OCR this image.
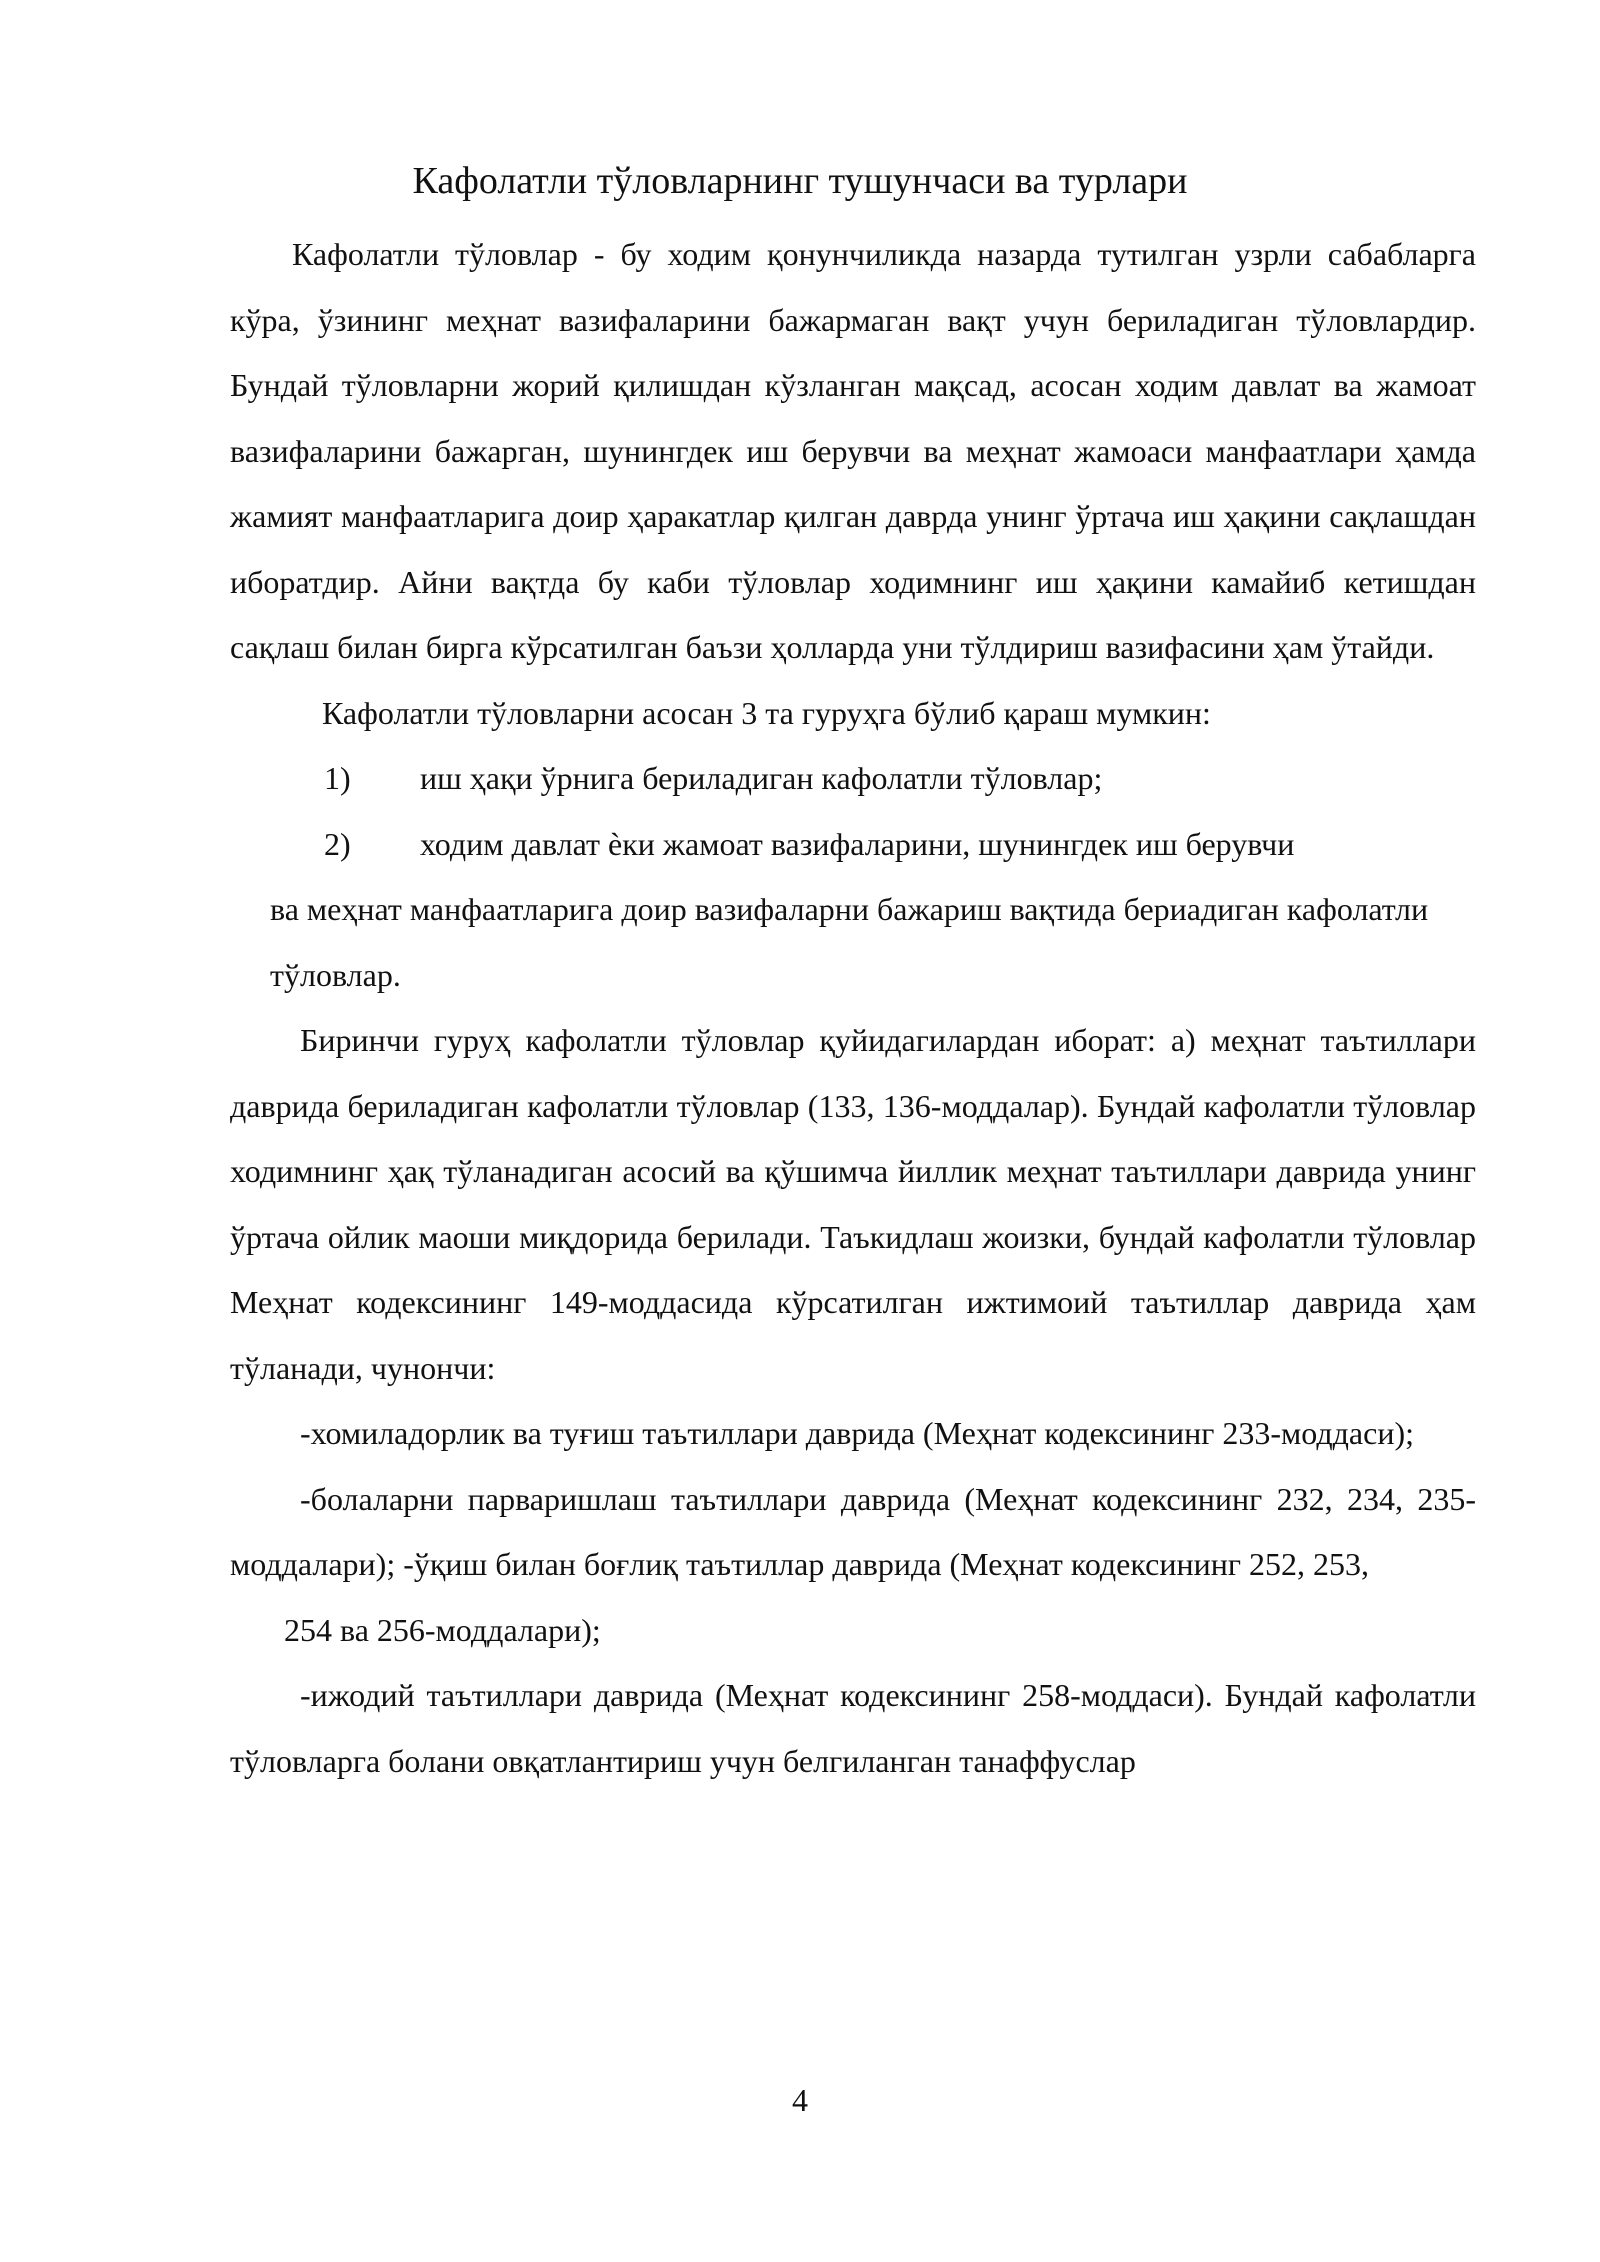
Кафолатли тўловларнинг тушунчаси ва турлари

Кафолатли тўловлар - бу ходим қонунчиликда назарда тутилган узрли сабабларга кўра, ўзининг меҳнат вазифаларини бажармаган вақт учун бериладиган тўловлардир. Бундай тўловларни жорий қилишдан кўзланган мақсад, асосан ходим давлат ва жамоат вазифаларини бажарган, шунингдек иш берувчи ва меҳнат жамоаси манфаатлари ҳамда жамият манфаатларига доир ҳаракатлар қилган даврда унинг ўртача иш ҳақини сақлашдан иборатдир. Айни вақтда бу каби тўловлар ходимнинг иш ҳақини камайиб кетишдан сақлаш билан бирга кўрсатилган баъзи ҳолларда уни тўлдириш вазифасини ҳам ўтайди.

Кафолатли тўловларни асосан 3 та гуруҳга бўлиб қараш мумкин:

1)	иш ҳақи ўрнига бериладиган кафолатли тўловлар;
2)	ходим давлат ѐки жамоат вазифаларини, шунингдек иш берувчи

ва меҳнат манфаатларига доир вазифаларни бажариш вақтида бериадиган кафолатли тўловлар.

Биринчи гуруҳ кафолатли тўловлар қуйидагилардан иборат: а) меҳнат таътиллари даврида бериладиган кафолатли тўловлар (133, 136-моддалар). Бундай кафолатли тўловлар ходимнинг ҳақ тўланадиган асосий ва қўшимча йиллик меҳнат таътиллари даврида унинг ўртача ойлик маоши миқдорида берилади. Таъкидлаш жоизки, бундай кафолатли тўловлар Меҳнат кодексининг 149-моддасида кўрсатилган ижтимоий таътиллар даврида ҳам тўланади, чунончи:

-хомиладорлик ва туғиш таътиллари даврида (Меҳнат кодексининг 233-моддаси);

-болаларни парваришлаш таътиллари даврида (Меҳнат кодексининг 232, 234, 235-моддалари); -ўқиш билан боғлиқ таътиллар даврида (Меҳнат кодексининг 252, 253,

254 ва 256-моддалари);

-ижодий таътиллари даврида (Меҳнат кодексининг 258-моддаси). Бундай кафолатли тўловларга болани овқатлантириш учун белгиланган танаффуслар

4
